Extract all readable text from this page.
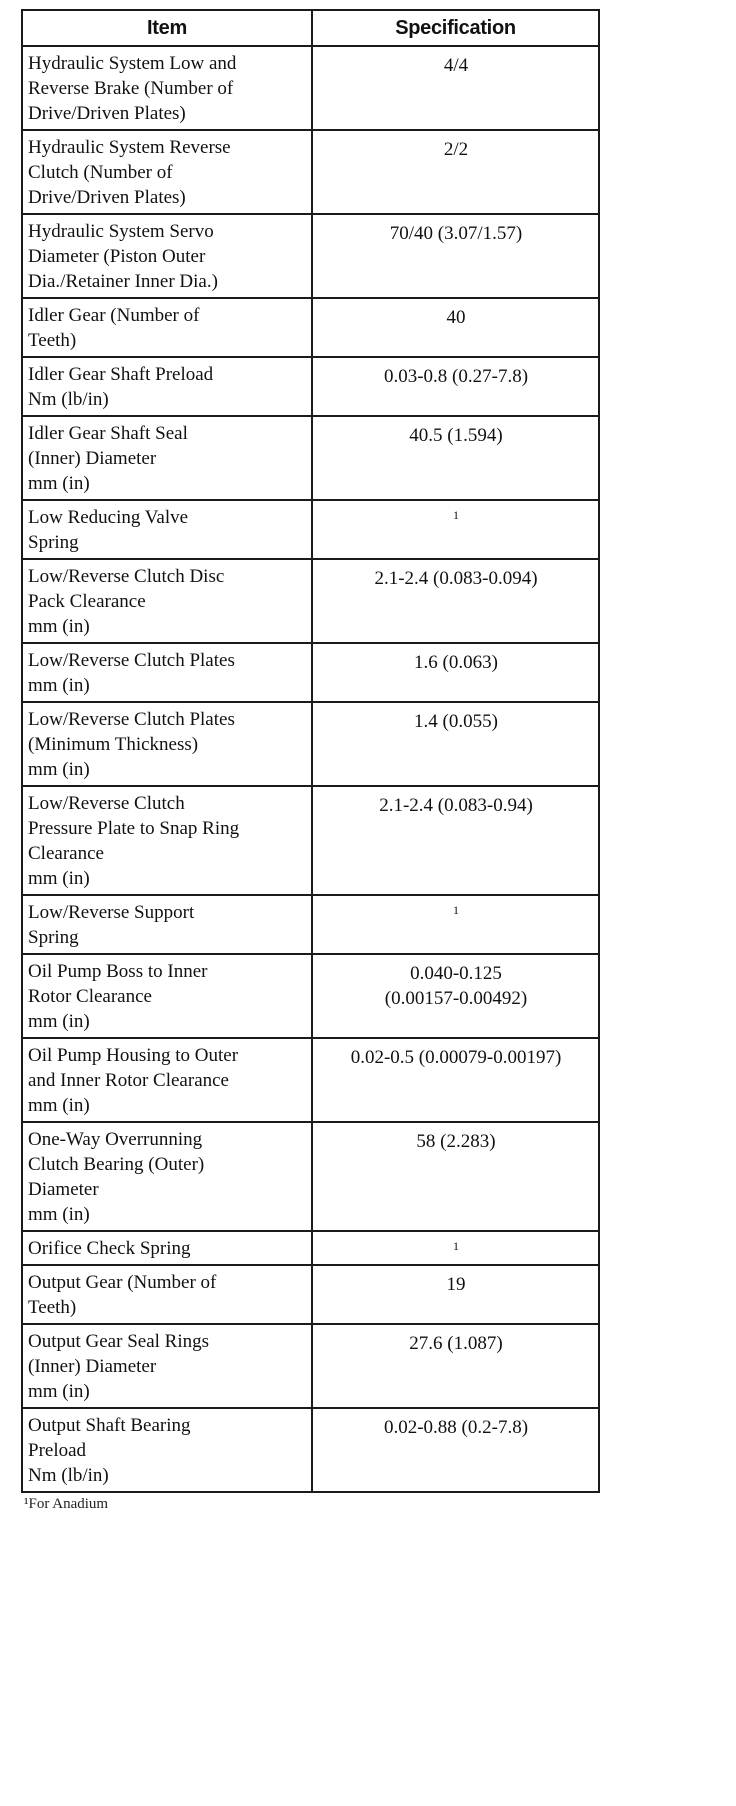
Item	Specification
Hydraulic System Low and
Reverse Brake (Number of
Drive/Driven Plates)	4/4
Hydraulic System Reverse
Clutch (Number of
Drive/Driven Plates)	2/2
Hydraulic System Servo
Diameter (Piston Outer
Dia./Retainer Inner Dia.)	70/40 (3.07/1.57)
Idler Gear (Number of
Teeth)	40
Idler Gear Shaft Preload
Nm (lb/in)	0.03-0.8 (0.27-7.8)
Idler Gear Shaft Seal
(Inner) Diameter
mm (in)	40.5 (1.594)
Low Reducing Valve
Spring	1
Low/Reverse Clutch Disc
Pack Clearance
mm (in)	2.1-2.4 (0.083-0.094)
Low/Reverse Clutch Plates
mm (in)	1.6 (0.063)
Low/Reverse Clutch Plates
(Minimum Thickness)
mm (in)	1.4 (0.055)
Low/Reverse Clutch
Pressure Plate to Snap Ring
Clearance
mm (in)	2.1-2.4 (0.083-0.94)
Low/Reverse Support
Spring	1
Oil Pump Boss to Inner
Rotor Clearance
mm (in)	0.040-0.125
(0.00157-0.00492)
Oil Pump Housing to Outer
and Inner Rotor Clearance
mm (in)	0.02-0.5 (0.00079-0.00197)
One-Way Overrunning
Clutch Bearing (Outer)
Diameter
mm (in)	58 (2.283)
Orifice Check Spring	1
Output Gear (Number of
Teeth)	19
Output Gear Seal Rings
(Inner) Diameter
mm (in)	27.6 (1.087)
Output Shaft Bearing
Preload
Nm (lb/in)	0.02-0.88 (0.2-7.8)
¹For Anadium
